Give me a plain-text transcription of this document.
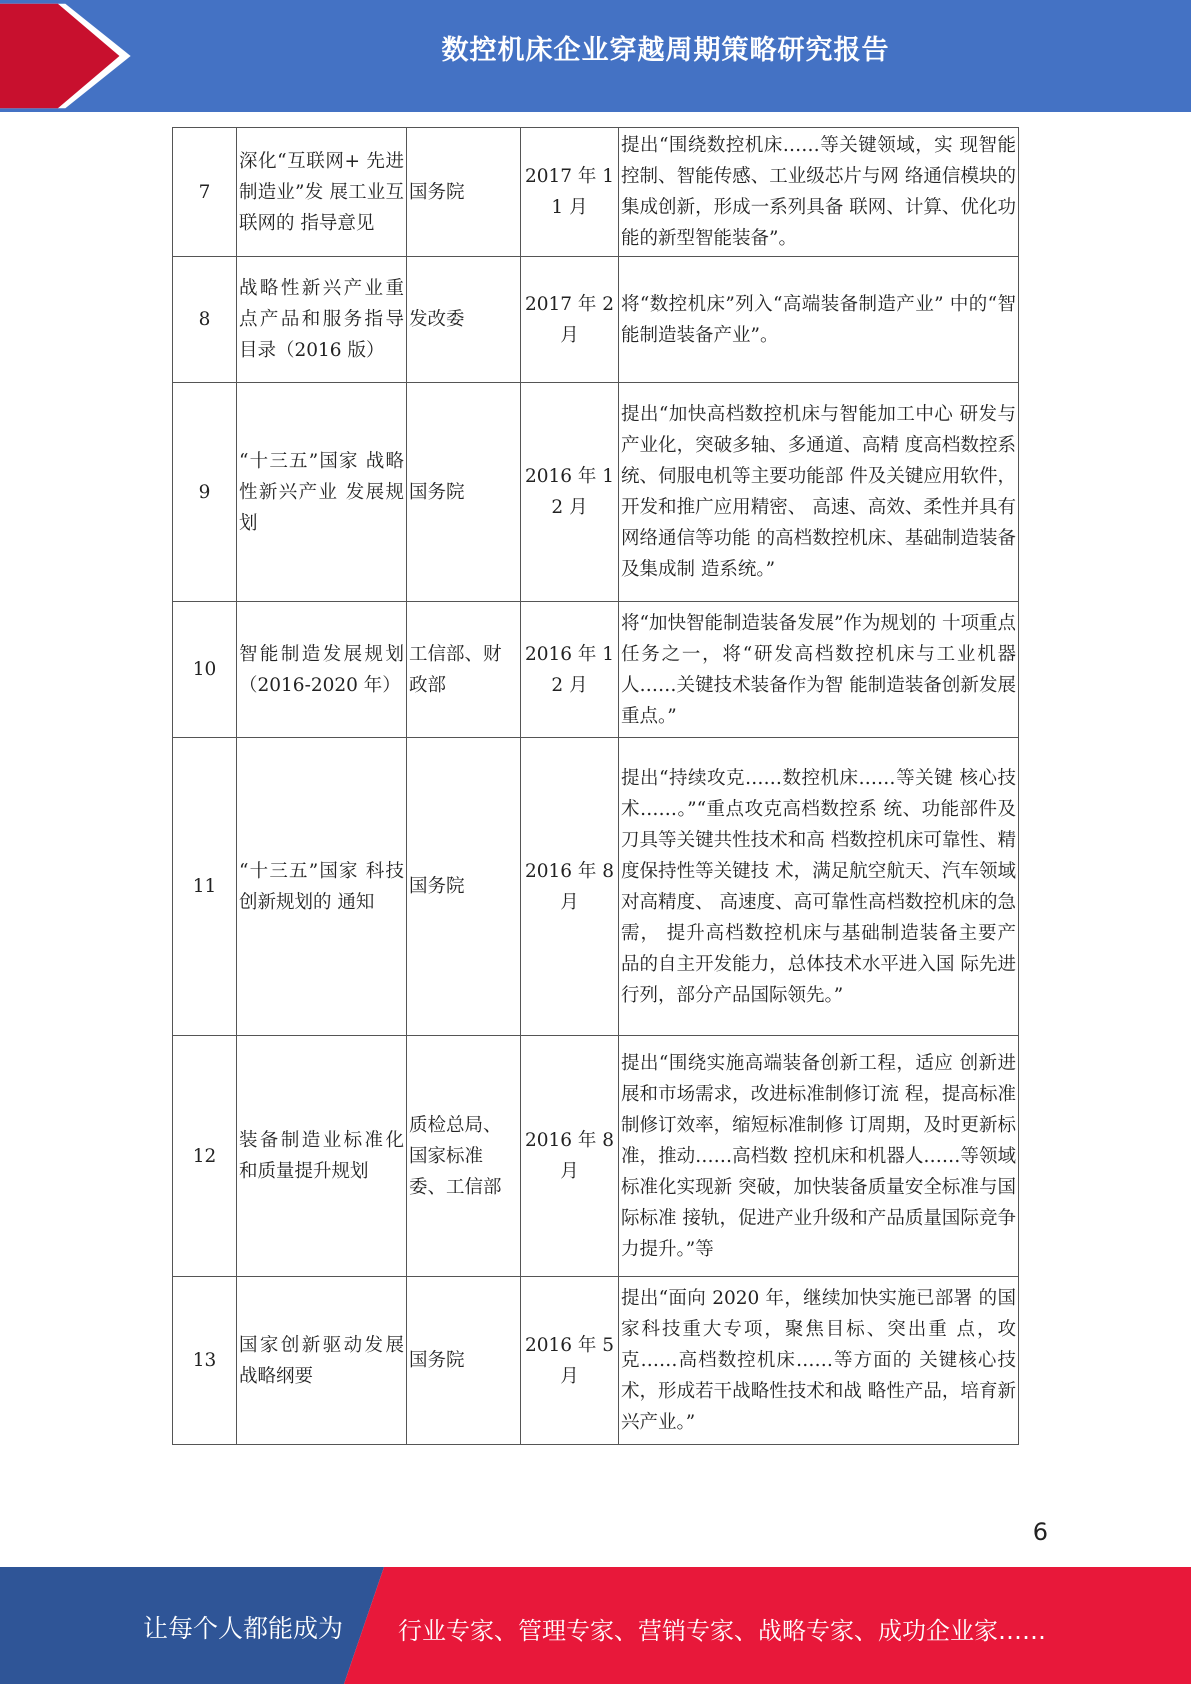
数控机床企业穿越周期策略研究报告
7	深化“互联网+ 先进制造业”发 展工业互联网的 指导意见	国务院	2017 年 11 月	提出“围绕数控机床……等关键领域，实 现智能控制、智能传感、工业级芯片与网 络通信模块的集成创新，形成一系列具备 联网、计算、优化功能的新型智能装备”。
8	战略性新兴产业重点产品和服务指导目录（2016 版）	发改委	2017 年 2 月	将“数控机床”列入“高端装备制造产业” 中的“智能制造装备产业”。
9	“十三五”国家 战略性新兴产业 发展规划	国务院	2016 年 12 月	提出“加快高档数控机床与智能加工中心 研发与产业化，突破多轴、多通道、高精 度高档数控系统、伺服电机等主要功能部 件及关键应用软件，开发和推广应用精密、 高速、高效、柔性并具有网络通信等功能 的高档数控机床、基础制造装备及集成制 造系统。”
10	智能制造发展规划（2016-2020 年）	工信部、财政部	2016 年 12 月	将“加快智能制造装备发展”作为规划的 十项重点任务之一，将“研发高档数控机床与工业机器人……关键技术装备作为智 能制造装备创新发展重点。”
11	“十三五”国家 科技创新规划的 通知	国务院	2016 年 8 月	提出“持续攻克……数控机床……等关键 核心技术……。”“重点攻克高档数控系 统、功能部件及刀具等关键共性技术和高 档数控机床可靠性、精度保持性等关键技 术，满足航空航天、汽车领域对高精度、 高速度、高可靠性高档数控机床的急需， 提升高档数控机床与基础制造装备主要产 品的自主开发能力，总体技术水平进入国 际先进行列，部分产品国际领先。”
12	装备制造业标准化和质量提升规划	质检总局、国家标准委、工信部	2016 年 8 月	提出“围绕实施高端装备创新工程，适应 创新进展和市场需求，改进标准制修订流 程，提高标准制修订效率，缩短标准制修 订周期，及时更新标准，推动……高档数 控机床和机器人……等领域标准化实现新 突破，加快装备质量安全标准与国际标准 接轨，促进产业升级和产品质量国际竞争 力提升。”等
13	国家创新驱动发展战略纲要	国务院	2016 年 5 月	提出“面向 2020 年，继续加快实施已部署 的国家科技重大专项，聚焦目标、突出重 点，攻克……高档数控机床……等方面的 关键核心技术，形成若干战略性技术和战 略性产品，培育新兴产业。”
6
让每个人都能成为 行业专家、管理专家、营销专家、战略专家、成功企业家……
